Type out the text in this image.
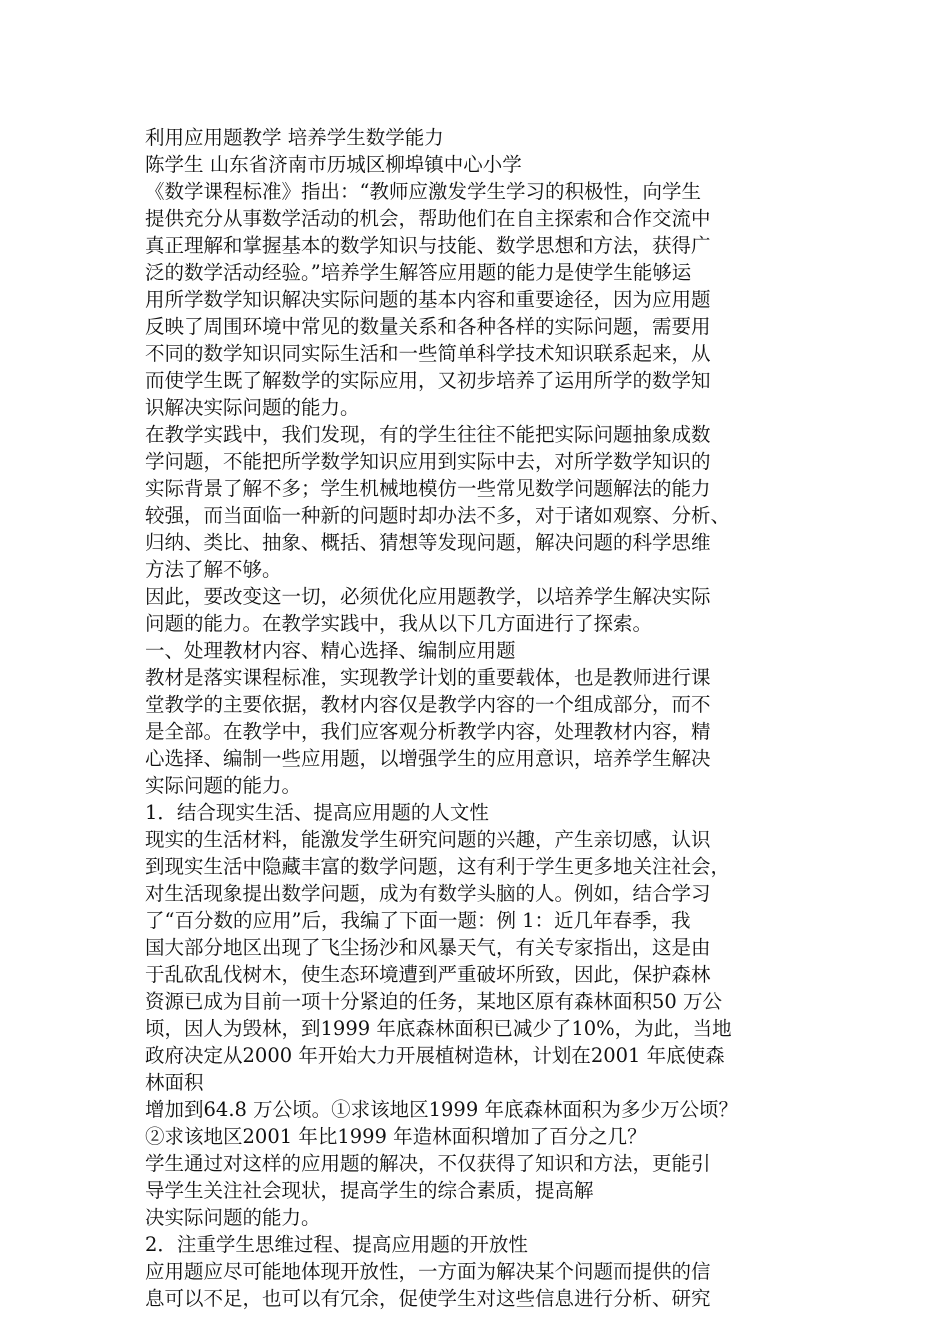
利用应用题教学 培养学生数学能力
陈学生 山东省济南市历城区柳埠镇中心小学
《数学课程标准》指出：“教师应激发学生学习的积极性，向学生
提供充分从事数学活动的机会，帮助他们在自主探索和合作交流中
真正理解和掌握基本的数学知识与技能、数学思想和方法，获得广
泛的数学活动经验。”培养学生解答应用题的能力是使学生能够运
用所学数学知识解决实际问题的基本内容和重要途径，因为应用题
反映了周围环境中常见的数量关系和各种各样的实际问题，需要用
不同的数学知识同实际生活和一些简单科学技术知识联系起来，从
而使学生既了解数学的实际应用，又初步培养了运用所学的数学知
识解决实际问题的能力。
在教学实践中，我们发现，有的学生往往不能把实际问题抽象成数
学问题，不能把所学数学知识应用到实际中去，对所学数学知识的
实际背景了解不多；学生机械地模仿一些常见数学问题解法的能力
较强，而当面临一种新的问题时却办法不多，对于诸如观察、分析、
归纳、类比、抽象、概括、猜想等发现问题，解决问题的科学思维
方法了解不够。
因此，要改变这一切，必须优化应用题教学，以培养学生解决实际
问题的能力。在教学实践中，我从以下几方面进行了探索。
一、处理教材内容、精心选择、编制应用题
教材是落实课程标准，实现教学计划的重要载体，也是教师进行课
堂教学的主要依据，教材内容仅是教学内容的一个组成部分，而不
是全部。在教学中，我们应客观分析教学内容，处理教材内容，精
心选择、编制一些应用题，以增强学生的应用意识，培养学生解决
实际问题的能力。
1．结合现实生活、提高应用题的人文性
现实的生活材料，能激发学生研究问题的兴趣，产生亲切感，认识
到现实生活中隐藏丰富的数学问题，这有利于学生更多地关注社会，
对生活现象提出数学问题，成为有数学头脑的人。例如，结合学习
了“百分数的应用”后，我编了下面一题：例 1：近几年春季，我
国大部分地区出现了飞尘扬沙和风暴天气，有关专家指出，这是由
于乱砍乱伐树木，使生态环境遭到严重破坏所致，因此，保护森林
资源已成为目前一项十分紧迫的任务，某地区原有森林面积50 万公
顷，因人为毁林，到1999 年底森林面积已减少了10%，为此，当地
政府决定从2000 年开始大力开展植树造林，计划在2001 年底使森
林面积
增加到64.8 万公顷。①求该地区1999 年底森林面积为多少万公顷？
②求该地区2001 年比1999 年造林面积增加了百分之几？
学生通过对这样的应用题的解决，不仅获得了知识和方法，更能引
导学生关注社会现状，提高学生的综合素质，提高解
决实际问题的能力。
2．注重学生思维过程、提高应用题的开放性
应用题应尽可能地体现开放性，一方面为解决某个问题而提供的信
息可以不足，也可以有冗余，促使学生对这些信息进行分析、研究
